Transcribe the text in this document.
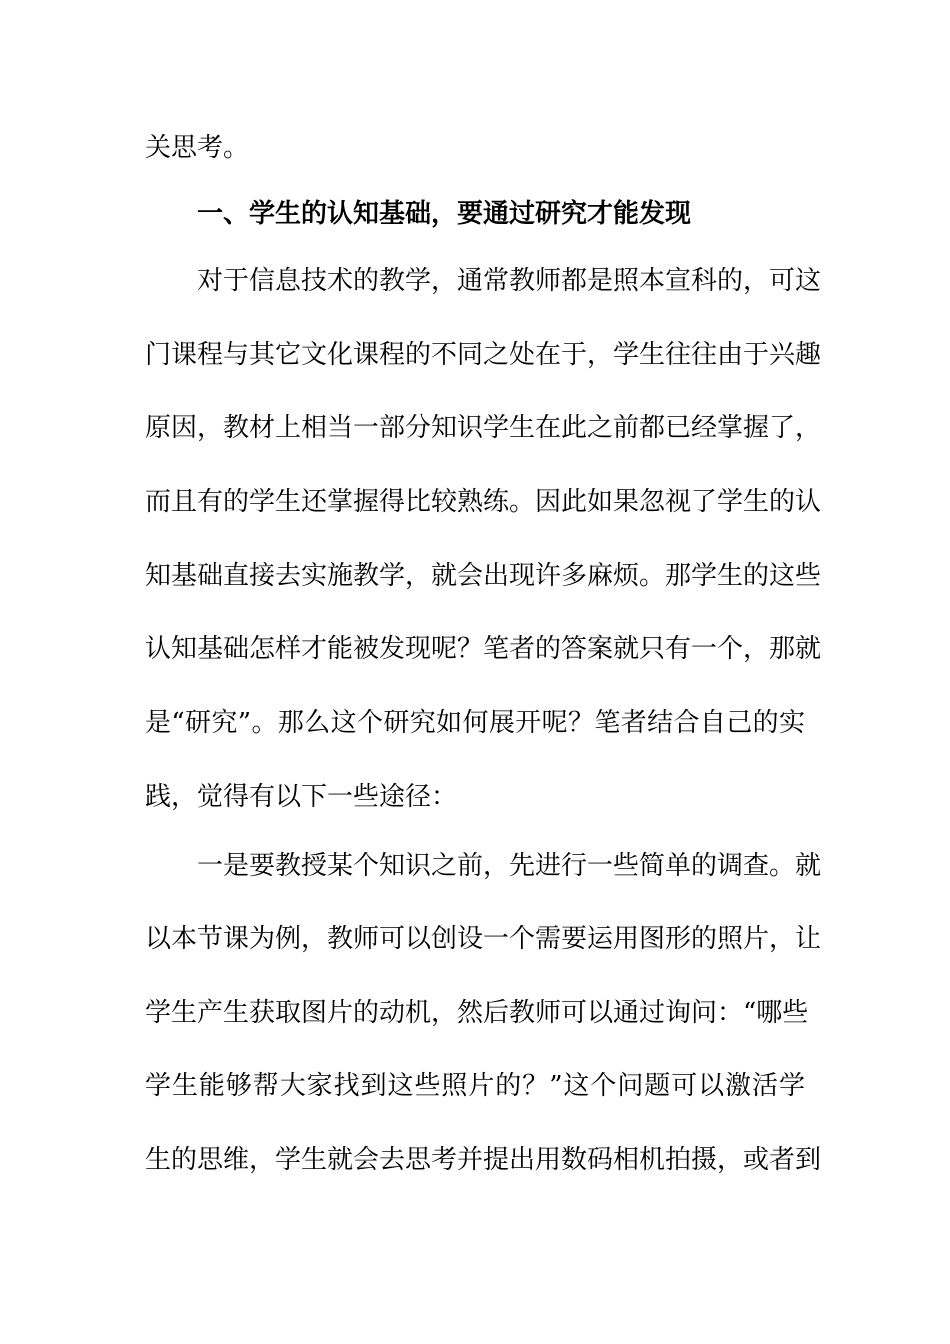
关思考。
一、学生的认知基础，要通过研究才能发现
对于信息技术的教学，通常教师都是照本宣科的，可这
门课程与其它文化课程的不同之处在于，学生往往由于兴趣
原因，教材上相当一部分知识学生在此之前都已经掌握了，
而且有的学生还掌握得比较熟练。因此如果忽视了学生的认
知基础直接去实施教学，就会出现许多麻烦。那学生的这些
认知基础怎样才能被发现呢？笔者的答案就只有一个，那就
是“研究”。那么这个研究如何展开呢？笔者结合自己的实
践，觉得有以下一些途径：
一是要教授某个知识之前，先进行一些简单的调查。就
以本节课为例，教师可以创设一个需要运用图形的照片，让
学生产生获取图片的动机，然后教师可以通过询问：“哪些
学生能够帮大家找到这些照片的？”这个问题可以激活学
生的思维，学生就会去思考并提出用数码相机拍摄，或者到
